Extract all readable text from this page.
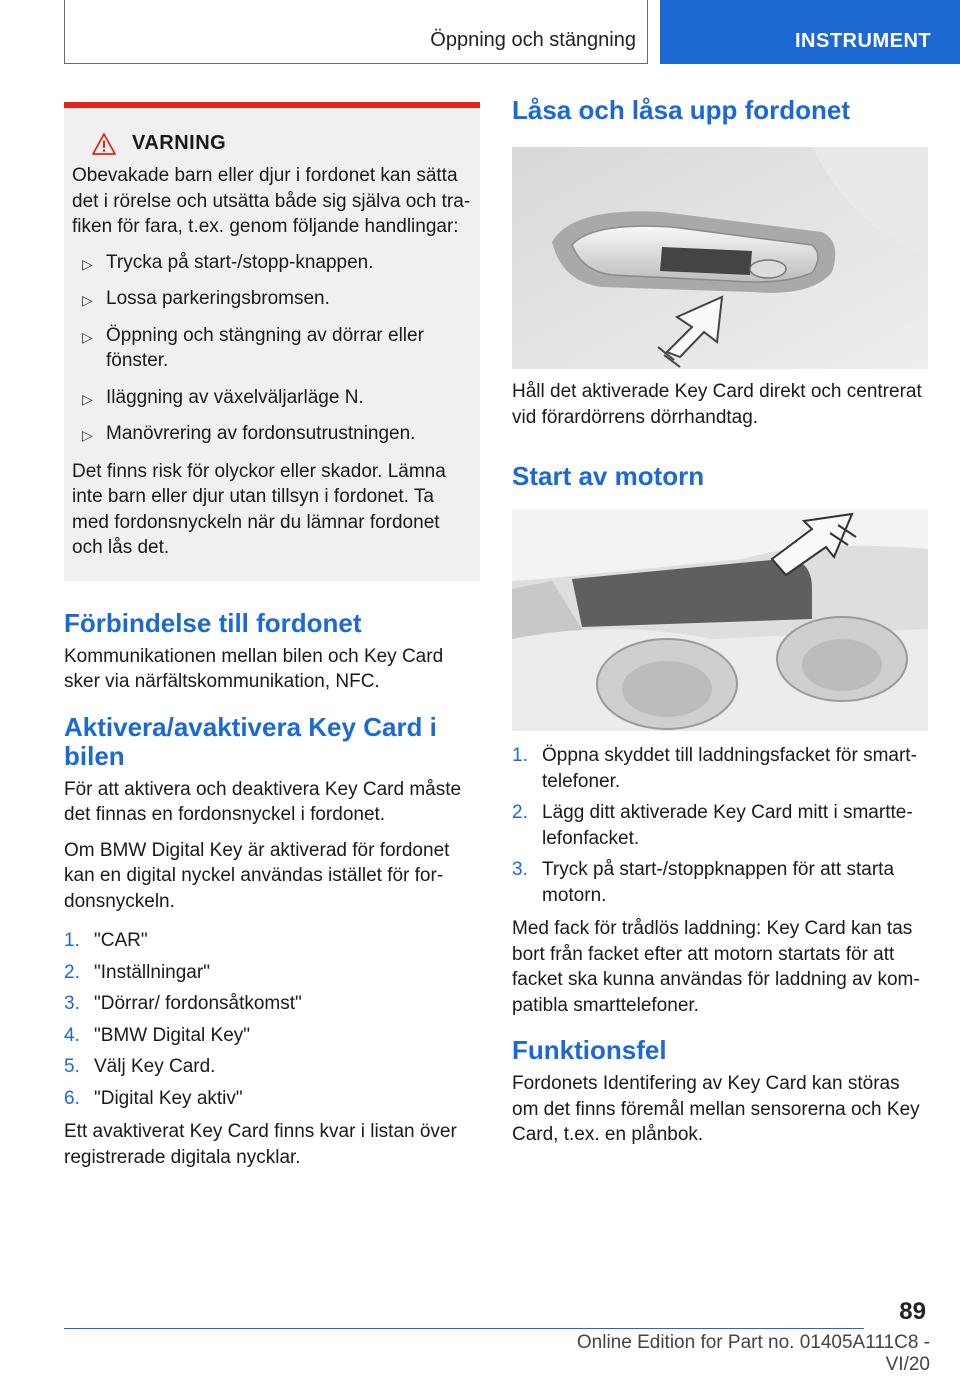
Öppning och stängning	INSTRUMENT
VARNING

Obevakade barn eller djur i fordonet kan sätta det i rörelse och utsätta både sig själva och trafiken för fara, t.ex. genom följande handlingar:

▷ Trycka på start-/stopp-knappen.
▷ Lossa parkeringsbromsen.
▷ Öppning och stängning av dörrar eller fönster.
▷ Iläggning av växelväljarläge N.
▷ Manövrering av fordonsutrustningen.

Det finns risk för olyckor eller skador. Lämna inte barn eller djur utan tillsyn i fordonet. Ta med fordonsnyckeln när du lämnar fordonet och lås det.

Förbindelse till fordonet

Kommunikationen mellan bilen och Key Card sker via närfältskommunikation, NFC.

Aktivera/avaktivera Key Card i bilen

För att aktivera och deaktivera Key Card måste det finnas en fordonsnyckel i fordonet.

Om BMW Digital Key är aktiverad för fordonet kan en digital nyckel användas istället för fordonsnyckeln.

1. "CAR"
2. "Inställningar"
3. "Dörrar/ fordonsåtkomst"
4. "BMW Digital Key"
5. Välj Key Card.
6. "Digital Key aktiv"

Ett avaktiverat Key Card finns kvar i listan över registrerade digitala nycklar.

Låsa och låsa upp fordonet

Håll det aktiverade Key Card direkt och centrerat vid förardörrens dörrhandtag.

Start av motorn
1. Öppna skyddet till laddningsfacket för smarttelefoner.
2. Lägg ditt aktiverade Key Card mitt i smarttelefonfacket.
3. Tryck på start-/stoppknappen för att starta motorn.

Med fack för trådlös laddning: Key Card kan tas bort från facket efter att motorn startats för att facket ska kunna användas för laddning av kompatibla smarttelefoner.

Funktionsfel

Fordonets Identifering av Key Card kan störas om det finns föremål mellan sensorerna och Key Card, t.ex. en plånbok.

89
Online Edition for Part no. 01405A111C8 - VI/20
